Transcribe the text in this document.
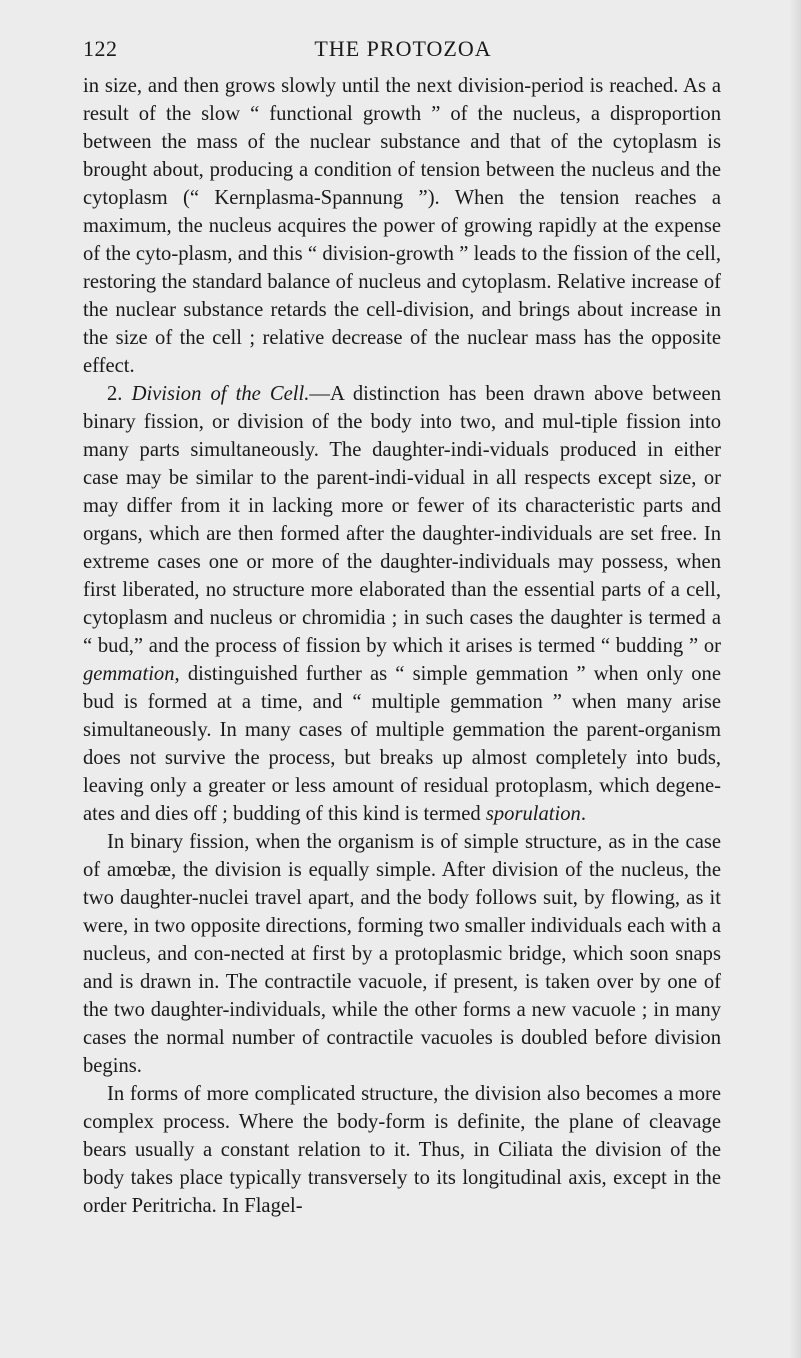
122	THE PROTOZOA

in size, and then grows slowly until the next division-period is reached. As a result of the slow “ functional growth ” of the nucleus, a disproportion between the mass of the nuclear substance and that of the cytoplasm is brought about, producing a condition of tension between the nucleus and the cytoplasm (“ Kernplasma-Spannung ”). When the tension reaches a maximum, the nucleus acquires the power of growing rapidly at the expense of the cyto-plasm, and this “ division-growth ” leads to the fission of the cell, restoring the standard balance of nucleus and cytoplasm. Relative increase of the nuclear substance retards the cell-division, and brings about increase in the size of the cell ; relative decrease of the nuclear mass has the opposite effect.

2. Division of the Cell.—A distinction has been drawn above between binary fission, or division of the body into two, and mul-tiple fission into many parts simultaneously. The daughter-indi-viduals produced in either case may be similar to the parent-indi-vidual in all respects except size, or may differ from it in lacking more or fewer of its characteristic parts and organs, which are then formed after the daughter-individuals are set free. In extreme cases one or more of the daughter-individuals may possess, when first liberated, no structure more elaborated than the essential parts of a cell, cytoplasm and nucleus or chromidia ; in such cases the daughter is termed a “ bud,” and the process of fission by which it arises is termed “ budding ” or gemmation, distinguished further as “ simple gemmation ” when only one bud is formed at a time, and “ multiple gemmation ” when many arise simultaneously. In many cases of multiple gemmation the parent-organism does not survive the process, but breaks up almost completely into buds, leaving only a greater or less amount of residual protoplasm, which degene-ates and dies off ; budding of this kind is termed sporulation.

In binary fission, when the organism is of simple structure, as in the case of amœbæ, the division is equally simple. After division of the nucleus, the two daughter-nuclei travel apart, and the body follows suit, by flowing, as it were, in two opposite directions, forming two smaller individuals each with a nucleus, and con-nected at first by a protoplasmic bridge, which soon snaps and is drawn in. The contractile vacuole, if present, is taken over by one of the two daughter-individuals, while the other forms a new vacuole ; in many cases the normal number of contractile vacuoles is doubled before division begins.

In forms of more complicated structure, the division also becomes a more complex process. Where the body-form is definite, the plane of cleavage bears usually a constant relation to it. Thus, in Ciliata the division of the body takes place typically transversely to its longitudinal axis, except in the order Peritricha. In Flagel-
